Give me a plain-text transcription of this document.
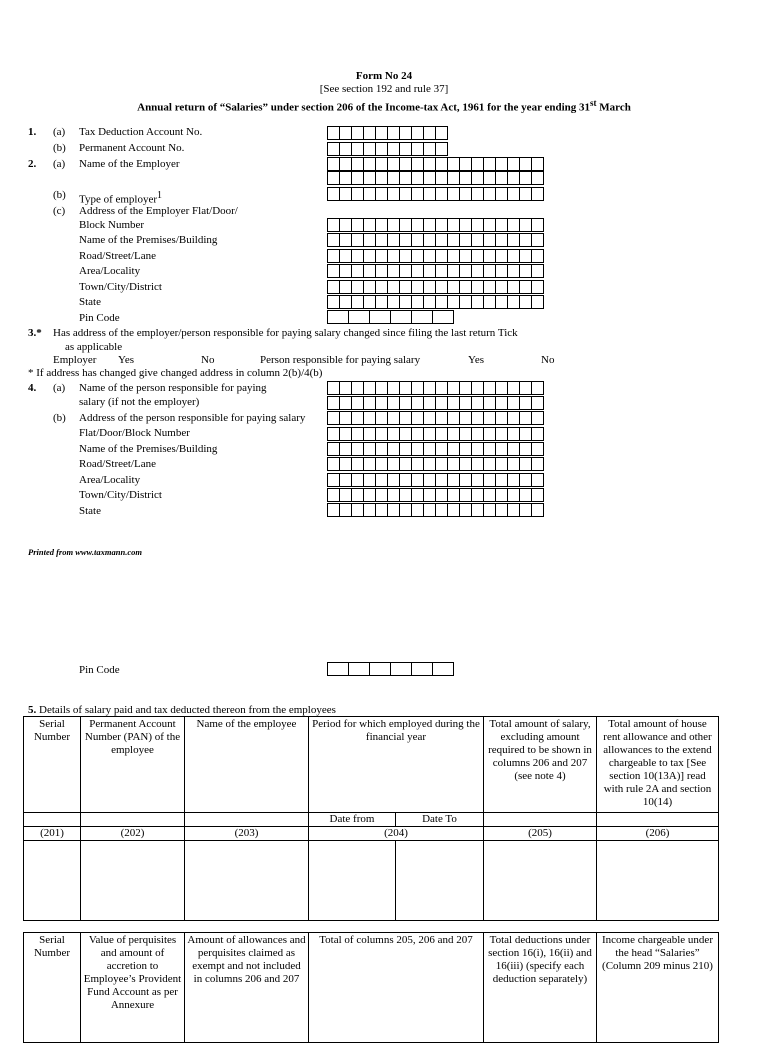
Form No 24
[See section 192 and rule 37]
Annual return of “Salaries” under section 206 of the Income-tax Act, 1961 for the year ending 31st March
1. (a) Tax Deduction Account No.
(b) Permanent Account No.
2. (a) Name of the Employer
(b) Type of employer$^1$
(c) Address of the Employer Flat/Door/
Block Number
Name of the Premises/Building
Road/Street/Lane
Area/Locality
Town/City/District
State
Pin Code
3.* Has address of the employer/person responsible for paying salary changed since filing the last return Tick
as applicable
Employer Yes	No	Person responsible for paying salary	Yes	No
* If address has changed give changed address in column 2(b)/4(b)
4. (a) Name of the person responsible for paying
salary (if not the employer)
(b) Address of the person responsible for paying salary
Flat/Door/Block Number
Name of the Premises/Building
Road/Street/Lane
Area/Locality
Town/City/District
State
Printed from www.taxmann.com
Pin Code
5. Details of salary paid and tax deducted thereon from the employees
Serial Number	Permanent Account Number (PAN) of the employee	Name of the employee	Period for which employed during the financial year		Total amount of salary, excluding amount required to be shown in columns 206 and 207 (see note 4)	Total amount of house rent allowance and other allowances to the extend chargeable to tax [See section 10(13A)] read with rule 2A and section 10(14)
			Date from	Date To		
(201)	(202)	(203)	(204)		(205)	(206)

Serial Number	Value of perquisites and amount of accretion to Employee’s Provident Fund Account as per Annexure	Amount of allowances and perquisites claimed as exempt and not included in columns 206 and 207	Total of columns 205, 206 and 207	Total deductions under section 16(i), 16(ii) and 16(iii) (specify each deduction separately)	Income chargeable under the head “Salaries” (Column 209 minus 210)
